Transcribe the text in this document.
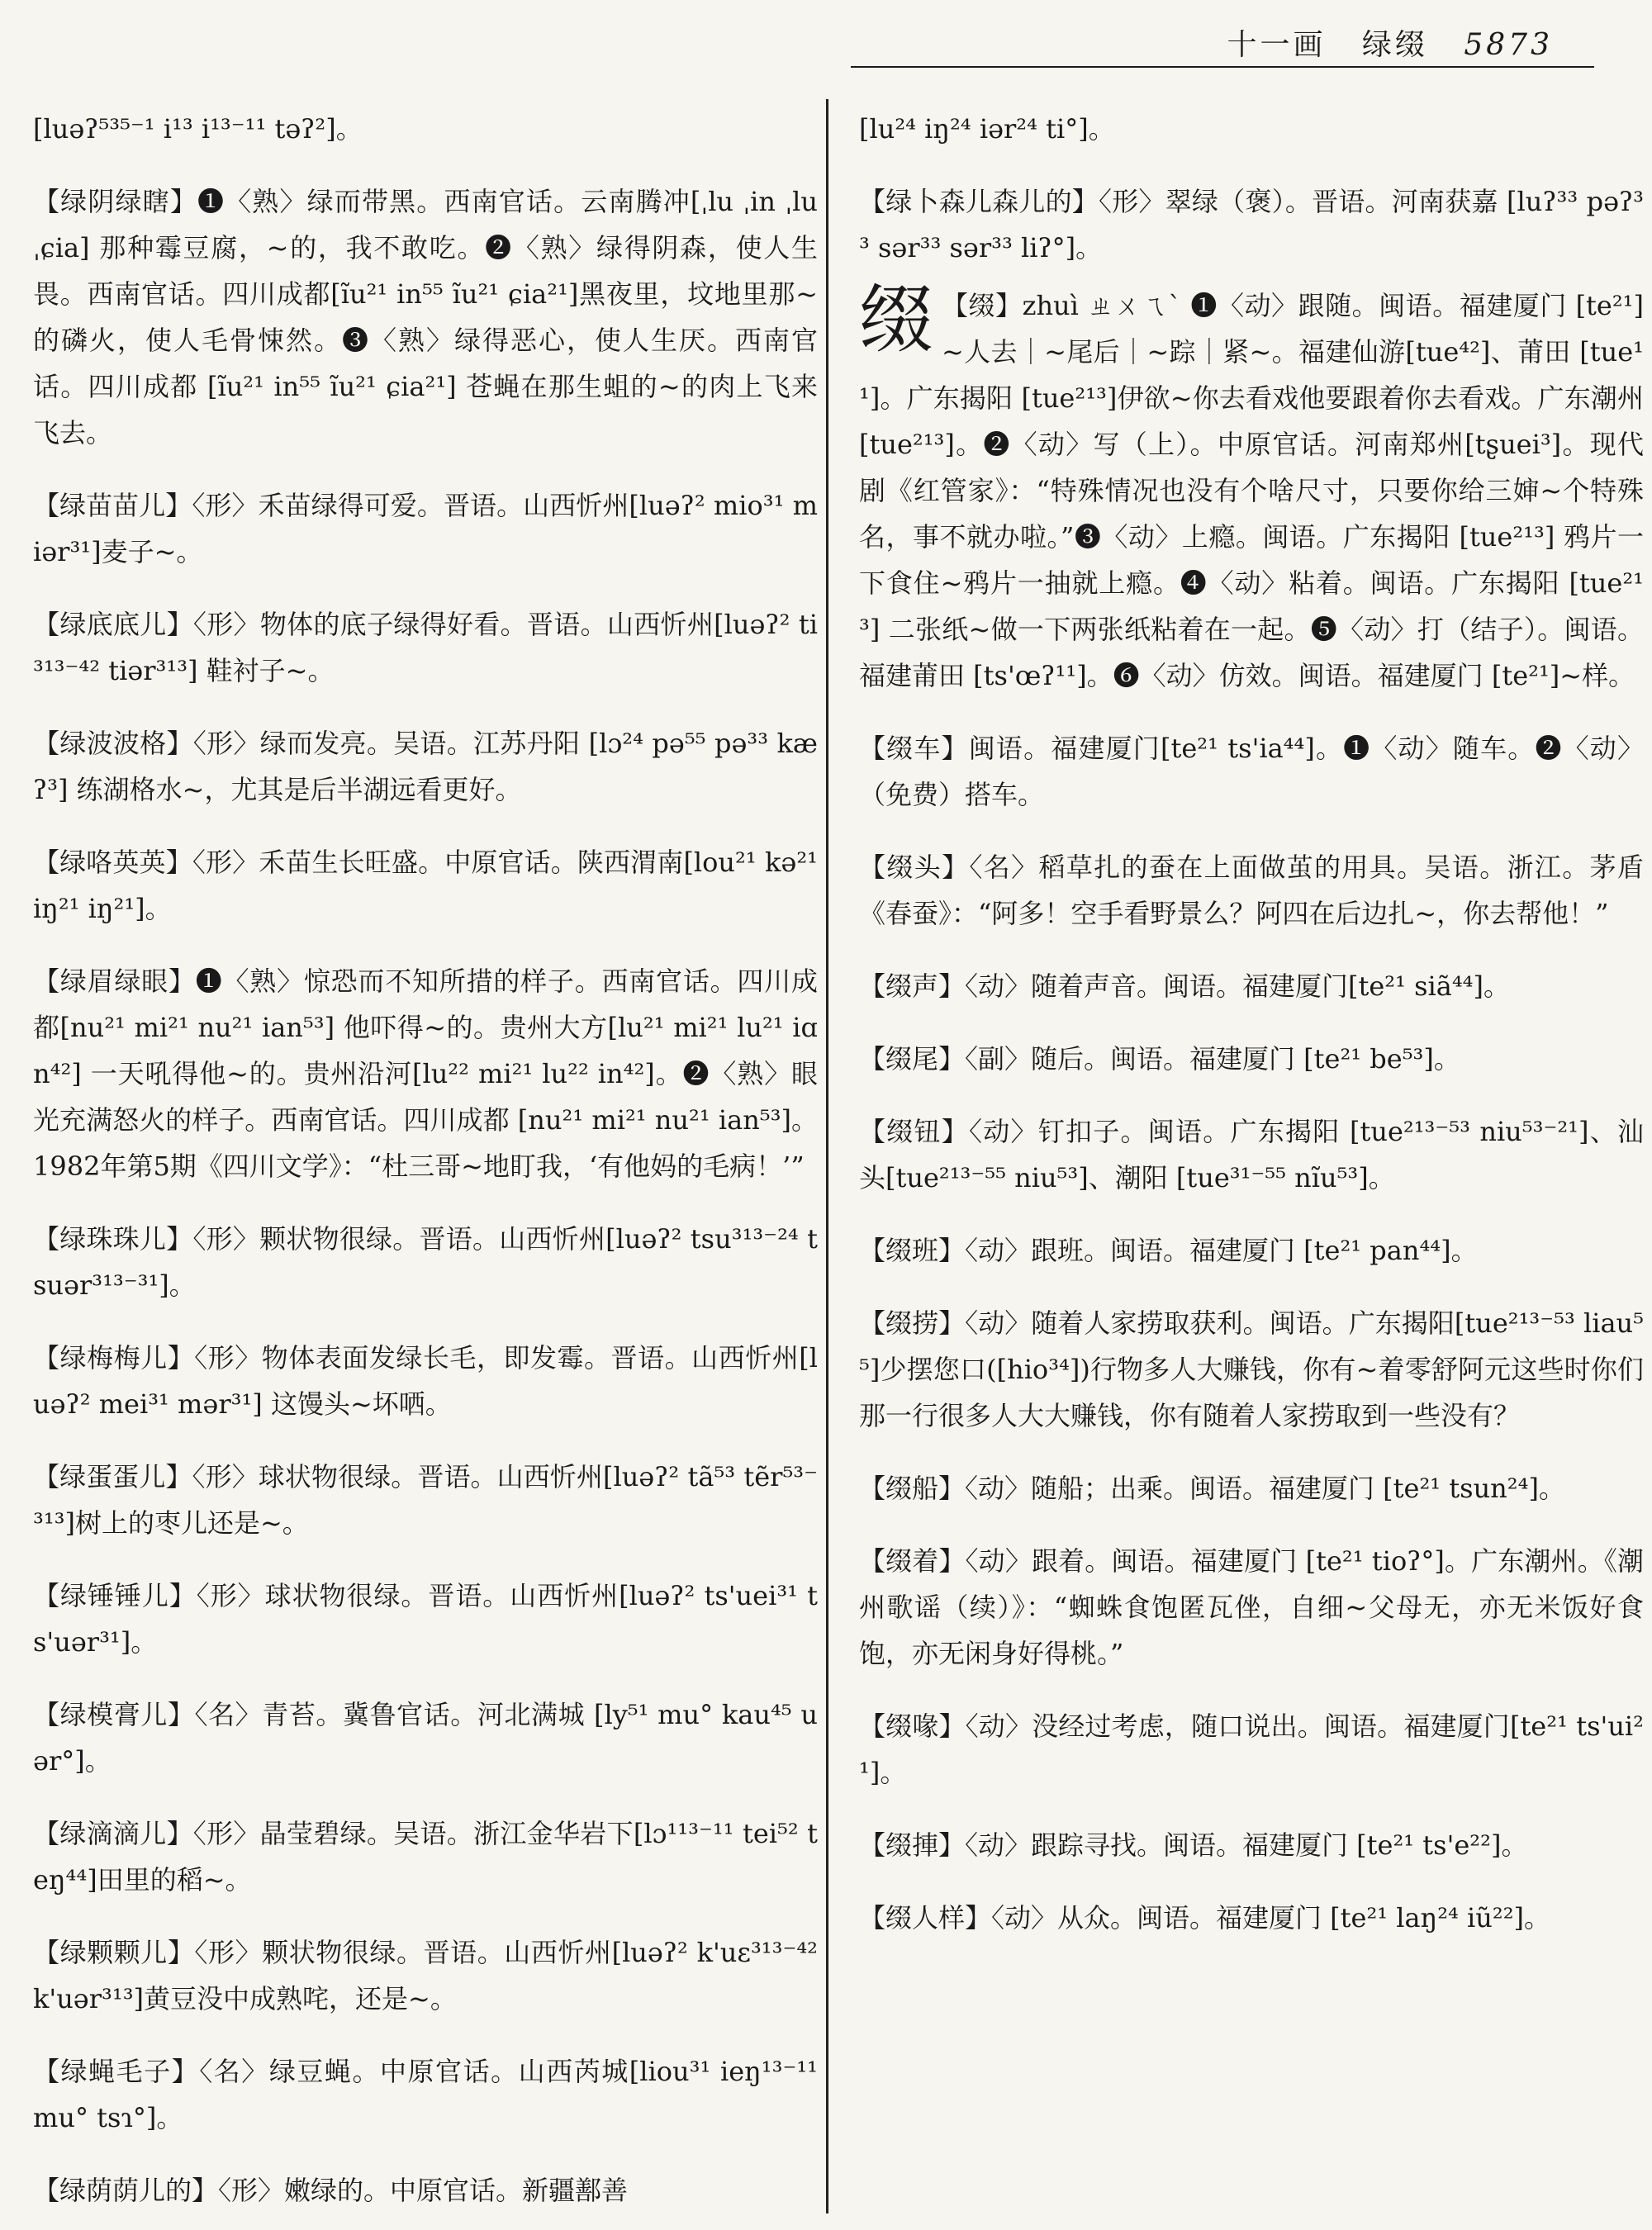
十一画 绿缀 5873

[luəʔ⁵³⁵⁻¹ i¹³ i¹³⁻¹¹ təʔ²]。

【绿阴绿瞎】❶〈熟〉绿而带黑。西南官话。云南腾冲[ˌlu ˌin ˌlu ˌɕia] 那种霉豆腐，~的，我不敢吃。❷〈熟〉绿得阴森，使人生畏。西南官话。四川成都[ĩu²¹ in⁵⁵ ĩu²¹ ɕia²¹]黑夜里，坟地里那~的磷火，使人毛骨悚然。❸〈熟〉绿得恶心，使人生厌。西南官话。四川成都 [ĩu²¹ in⁵⁵ ĩu²¹ ɕia²¹] 苍蝇在那生蛆的~的肉上飞来飞去。

【绿苗苗儿】〈形〉禾苗绿得可爱。晋语。山西忻州[luəʔ² mio³¹ miər³¹]麦子~。

【绿底底儿】〈形〉物体的底子绿得好看。晋语。山西忻州[luəʔ² ti³¹³⁻⁴² tiər³¹³] 鞋衬子~。

【绿波波格】〈形〉绿而发亮。吴语。江苏丹阳 [lɔ²⁴ pə⁵⁵ pə³³ kæʔ³] 练湖格水~，尤其是后半湖远看更好。

【绿咯英英】〈形〉禾苗生长旺盛。中原官话。陕西渭南[lou²¹ kə²¹ iŋ²¹ iŋ²¹]。

【绿眉绿眼】❶〈熟〉惊恐而不知所措的样子。西南官话。四川成都[nu²¹ mi²¹ nu²¹ ian⁵³] 他吓得~的。贵州大方[lu²¹ mi²¹ lu²¹ iɑn⁴²] 一天吼得他~的。贵州沿河[lu²² mi²¹ lu²² in⁴²]。❷〈熟〉眼光充满怒火的样子。西南官话。四川成都 [nu²¹ mi²¹ nu²¹ ian⁵³]。1982年第5期《四川文学》：“杜三哥~地盯我，‘有他妈的毛病！’”

【绿珠珠儿】〈形〉颗状物很绿。晋语。山西忻州[luəʔ² tsu³¹³⁻²⁴ tsuər³¹³⁻³¹]。

【绿梅梅儿】〈形〉物体表面发绿长毛，即发霉。晋语。山西忻州[luəʔ² mei³¹ mər³¹] 这馒头~坏哂。

【绿蛋蛋儿】〈形〉球状物很绿。晋语。山西忻州[luəʔ² tã⁵³ tẽr⁵³⁻³¹³]树上的枣儿还是~。

【绿锤锤儿】〈形〉球状物很绿。晋语。山西忻州[luəʔ² ts'uei³¹ ts'uər³¹]。

【绿模膏儿】〈名〉青苔。冀鲁官话。河北满城 [ly⁵¹ mu° kau⁴⁵ uər°]。

【绿滴滴儿】〈形〉晶莹碧绿。吴语。浙江金华岩下[lɔ¹¹³⁻¹¹ tei⁵² teŋ⁴⁴]田里的稻~。

【绿颗颗儿】〈形〉颗状物很绿。晋语。山西忻州[luəʔ² k'uɛ³¹³⁻⁴² k'uər³¹³]黄豆没中成熟咤，还是~。

【绿蝇毛子】〈名〉绿豆蝇。中原官话。山西芮城[liou³¹ ieŋ¹³⁻¹¹ mu° tsɿ°]。

【绿荫荫儿的】〈形〉嫩绿的。中原官话。新疆鄯善

[lu²⁴ iŋ²⁴ iər²⁴ ti°]。

【绿卜森儿森儿的】〈形〉翠绿（褒）。晋语。河南获嘉 [luʔ³³ pəʔ³³ sər³³ sər³³ liʔ°]。

缀 【缀】zhuì ㄓㄨㄟˋ ❶〈动〉跟随。闽语。福建厦门 [te²¹]~人去｜~尾后｜~踪｜紧~。福建仙游[tue⁴²]、莆田 [tue¹¹]。广东揭阳 [tue²¹³]伊欲~你去看戏他要跟着你去看戏。广东潮州 [tue²¹³]。❷〈动〉写（上）。中原官话。河南郑州[tʂuei³]。现代剧《红管家》：“特殊情况也没有个啥尺寸，只要你给三婶~个特殊名，事不就办啦。”❸〈动〉上瘾。闽语。广东揭阳 [tue²¹³] 鸦片一下食住~鸦片一抽就上瘾。❹〈动〉粘着。闽语。广东揭阳 [tue²¹³] 二张纸~做一下两张纸粘着在一起。❺〈动〉打（结子）。闽语。福建莆田 [ts'œʔ¹¹]。❻〈动〉仿效。闽语。福建厦门 [te²¹]~样。

【缀车】闽语。福建厦门[te²¹ ts'ia⁴⁴]。❶〈动〉随车。❷〈动〉（免费）搭车。

【缀头】〈名〉稻草扎的蚕在上面做茧的用具。吴语。浙江。茅盾《春蚕》：“阿多！空手看野景么？阿四在后边扎~，你去帮他！”

【缀声】〈动〉随着声音。闽语。福建厦门[te²¹ siã⁴⁴]。

【缀尾】〈副〉随后。闽语。福建厦门 [te²¹ be⁵³]。

【缀钮】〈动〉钉扣子。闽语。广东揭阳 [tue²¹³⁻⁵³ niu⁵³⁻²¹]、汕头[tue²¹³⁻⁵⁵ niu⁵³]、潮阳 [tue³¹⁻⁵⁵ nĩu⁵³]。

【缀班】〈动〉跟班。闽语。福建厦门 [te²¹ pan⁴⁴]。

【缀捞】〈动〉随着人家捞取获利。闽语。广东揭阳[tue²¹³⁻⁵³ liau⁵⁵]少摆您口([hio³⁴])行物多人大赚钱，你有~着零舒阿元这些时你们那一行很多人大大赚钱，你有随着人家捞取到一些没有？

【缀船】〈动〉随船；出乘。闽语。福建厦门 [te²¹ tsun²⁴]。

【缀着】〈动〉跟着。闽语。福建厦门 [te²¹ tioʔ°]。广东潮州。《潮州歌谣（续）》：“蜘蛛食饱匿瓦侳，自细~父母无，亦无米饭好食饱，亦无闲身好得桃。”

【缀喙】〈动〉没经过考虑，随口说出。闽语。福建厦门[te²¹ ts'ui²¹]。

【缀捙】〈动〉跟踪寻找。闽语。福建厦门 [te²¹ ts'e²²]。

【缀人样】〈动〉从众。闽语。福建厦门 [te²¹ laŋ²⁴ iũ²²]。
